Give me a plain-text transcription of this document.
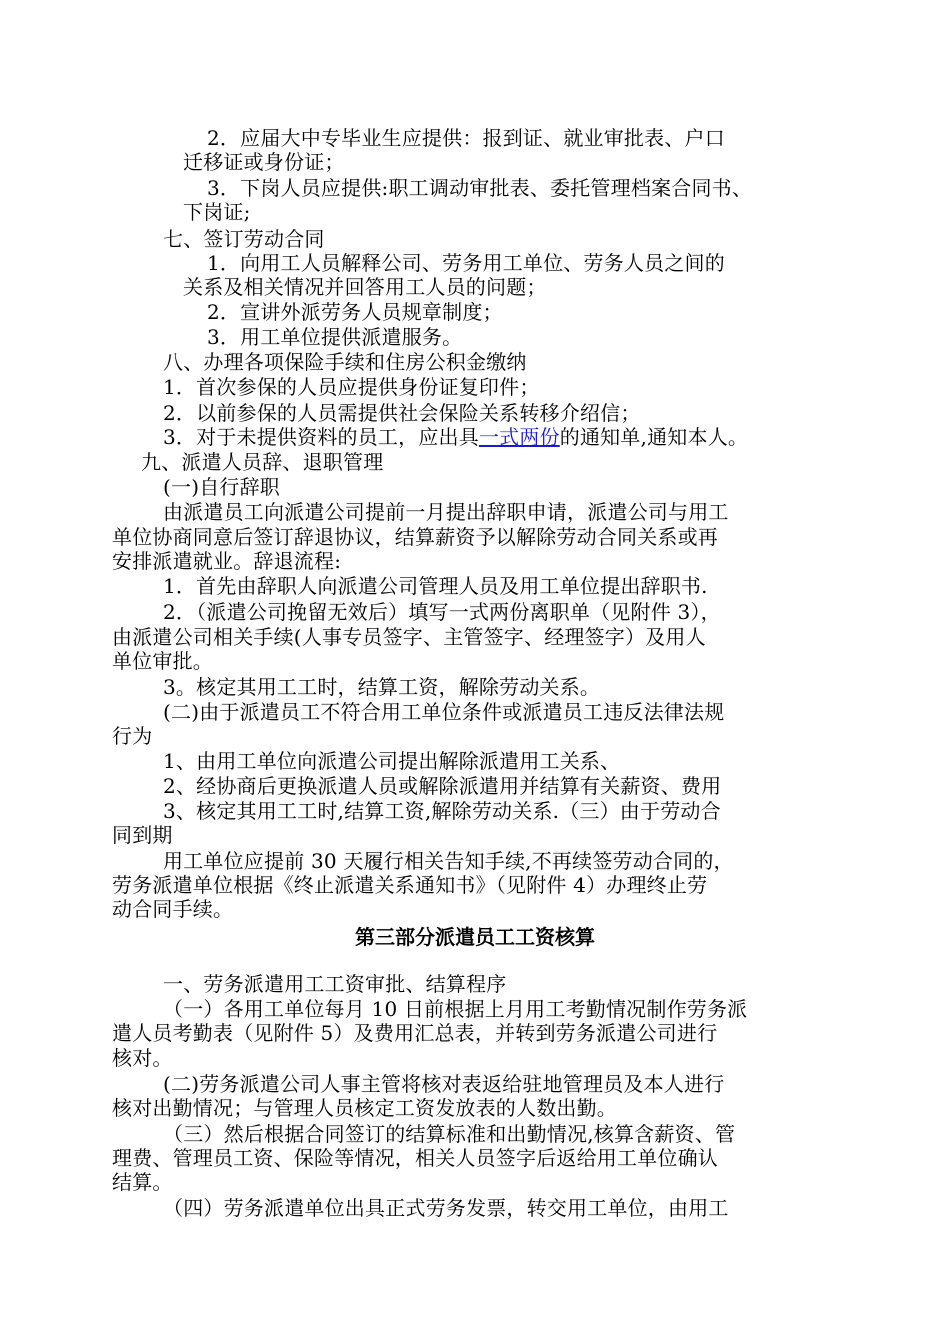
2．应届大中专毕业生应提供：报到证、就业审批表、户口
迁移证或身份证；
3．下岗人员应提供:职工调动审批表、委托管理档案合同书、
下岗证;
七、签订劳动合同
1．向用工人员解释公司、劳务用工单位、劳务人员之间的
关系及相关情况并回答用工人员的问题；
2．宣讲外派劳务人员规章制度；
3．用工单位提供派遣服务。
八、办理各项保险手续和住房公积金缴纳
1．首次参保的人员应提供身份证复印件；
2．以前参保的人员需提供社会保险关系转移介绍信；
3．对于未提供资料的员工，应出具一式两份的通知单,通知本人。
九、派遣人员辞、退职管理
(一)自行辞职
由派遣员工向派遣公司提前一月提出辞职申请，派遣公司与用工
单位协商同意后签订辞退协议，结算薪资予以解除劳动合同关系或再
安排派遣就业。辞退流程:
1．首先由辞职人向派遣公司管理人员及用工单位提出辞职书.
2．（派遣公司挽留无效后）填写一式两份离职单（见附件 3），
由派遣公司相关手续(人事专员签字、主管签字、经理签字）及用人
单位审批。
3。核定其用工工时，结算工资，解除劳动关系。
(二)由于派遣员工不符合用工单位条件或派遣员工违反法律法规
行为
1、由用工单位向派遣公司提出解除派遣用工关系、
2、经协商后更换派遣人员或解除派遣用并结算有关薪资、费用
3、核定其用工工时,结算工资,解除劳动关系.（三）由于劳动合
同到期
用工单位应提前 30 天履行相关告知手续,不再续签劳动合同的，
劳务派遣单位根据《终止派遣关系通知书》（见附件 4）办理终止劳
动合同手续。
第三部分派遣员工工资核算
一、劳务派遣用工工资审批、结算程序
（一）各用工单位每月 10 日前根据上月用工考勤情况制作劳务派
遣人员考勤表（见附件 5）及费用汇总表，并转到劳务派遣公司进行
核对。
(二)劳务派遣公司人事主管将核对表返给驻地管理员及本人进行
核对出勤情况；与管理人员核定工资发放表的人数出勤。
（三）然后根据合同签订的结算标准和出勤情况,核算含薪资、管
理费、管理员工资、保险等情况，相关人员签字后返给用工单位确认
结算。
（四）劳务派遣单位出具正式劳务发票，转交用工单位，由用工
